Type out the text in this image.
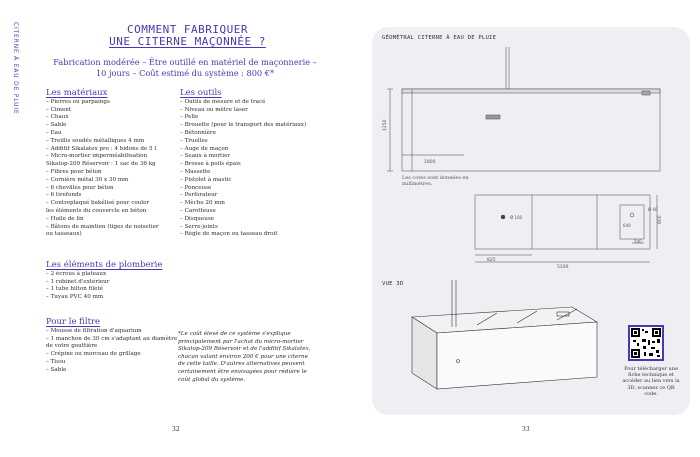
CITERNE À EAU DE PLUIE	COMMENT FABRIQUER
UNE CITERNE MAÇONNÉE ?
Fabrication modérée – Être outillé en matériel de maçonnerie –
10 jours – Coût estimé du système : 800 €*
Les matériaux
– Pierres ou parpaings
– Ciment
– Chaux
– Sable
– Eau
– Treillis soudés métalliques 4 mm
– Additif Sikalatex pro : 4 bidons de 5 l
– Micro-mortier imperméabilisation
Sikatop-209 Réservoir : 1 sac de 36 kg
– Fibres pour béton
– Cornière métal 30 x 30 mm
– 6 chevilles pour béton
– 6 tirefonds
– Contreplaqué bakélisé pour couler
les éléments du couvercle en béton
– Huile de lin
– Bâtons de maintien (tiges de noisetier
ou tasseaux)
Les outils
– Outils de mesure et de tracé
– Niveau ou mètre laser
– Pelle
– Brouette (pour le transport des matériaux)
– Bétonnière
– Truelles
– Auge de maçon
– Seaux à mortier
– Brosse à poils épais
– Massette
– Pistolet à mastic
– Ponceuse
– Perforateur
– Mèche 20 mm
– Carotteuse
– Disqueuse
– Serre-joints
– Règle de maçon ou tasseau droit
Les éléments de plomberie
– 2 écrous à plateaux
– 1 robinet d'extérieur
– 1 tube hilton fileté
– Tuyau PVC 40 mm
Pour le filtre
– Mousse de filtration d'aquarium
– 1 manchon de 30 cm s'adaptant au diamètre
de votre gouttière
– Crépine ou morceau de grillage
– Tissu
– Sable
*Le coût élevé de ce système s'explique principalement par l'achat du micro-mortier Sikatop-209 Réservoir et de l'additif Sikalatex, chacun valant environ 200 € pour une citerne de cette taille. D'autres alternatives peuvent certainement être envisagées pour réduire le coût global du système.
32
GÉOMÉTRAL CITERNE À EAU DE PLUIE
1250
1800
Ø 100
Ø 40
825
5100
800
540
640
Les cotes sont données en millimètres.
VUE 3D
Pour télécharger une fiche technique et accéder au lien vers la 3D, scannez ce QR code.
33
